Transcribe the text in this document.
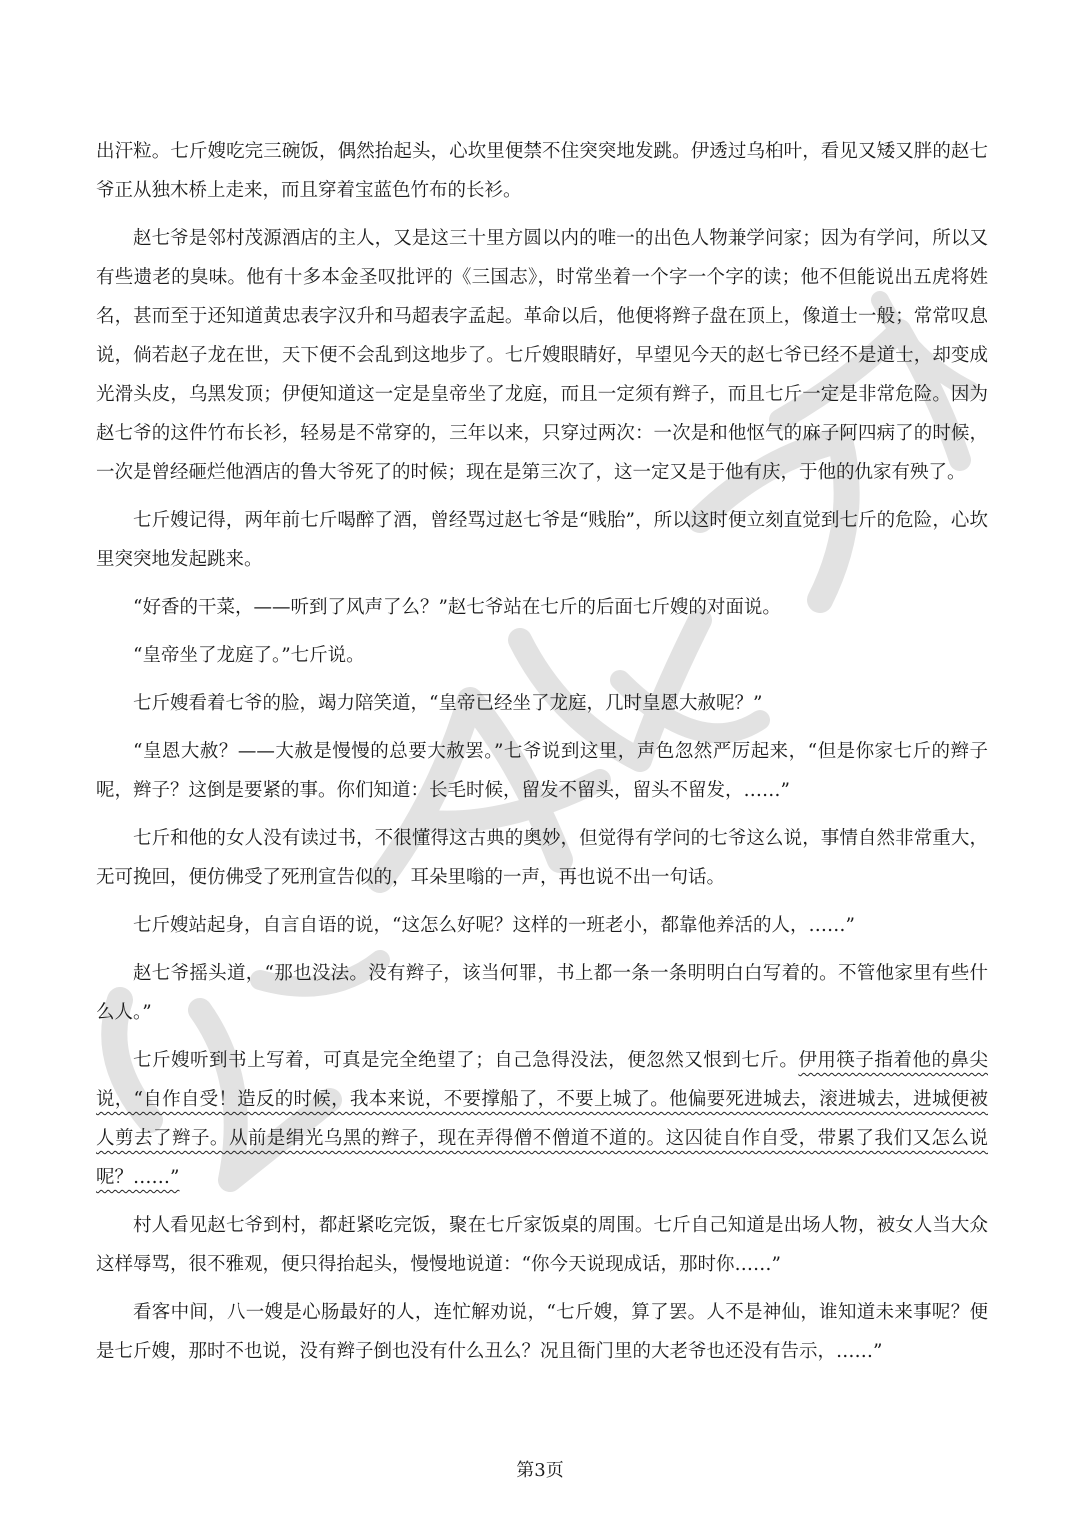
出汗粒。七斤嫂吃完三碗饭，偶然抬起头，心坎里便禁不住突突地发跳。伊透过乌桕叶，看见又矮又胖的赵七爷正从独木桥上走来，而且穿着宝蓝色竹布的长衫。

赵七爷是邻村茂源酒店的主人，又是这三十里方圆以内的唯一的出色人物兼学问家；因为有学问，所以又有些遗老的臭味。他有十多本金圣叹批评的《三国志》，时常坐着一个字一个字的读；他不但能说出五虎将姓名，甚而至于还知道黄忠表字汉升和马超表字孟起。革命以后，他便将辫子盘在顶上，像道士一般；常常叹息说，倘若赵子龙在世，天下便不会乱到这地步了。七斤嫂眼睛好，早望见今天的赵七爷已经不是道士，却变成光滑头皮，乌黑发顶；伊便知道这一定是皇帝坐了龙庭，而且一定须有辫子，而且七斤一定是非常危险。因为赵七爷的这件竹布长衫，轻易是不常穿的，三年以来，只穿过两次：一次是和他怄气的麻子阿四病了的时候，一次是曾经砸烂他酒店的鲁大爷死了的时候；现在是第三次了，这一定又是于他有庆，于他的仇家有殃了。

七斤嫂记得，两年前七斤喝醉了酒，曾经骂过赵七爷是“贱胎”，所以这时便立刻直觉到七斤的危险，心坎里突突地发起跳来。

“好香的干菜，——听到了风声了么？”赵七爷站在七斤的后面七斤嫂的对面说。

“皇帝坐了龙庭了。”七斤说。

七斤嫂看着七爷的脸，竭力陪笑道，“皇帝已经坐了龙庭，几时皇恩大赦呢？”

“皇恩大赦？——大赦是慢慢的总要大赦罢。”七爷说到这里，声色忽然严厉起来，“但是你家七斤的辫子呢，辫子？这倒是要紧的事。你们知道：长毛时候，留发不留头，留头不留发，……”

七斤和他的女人没有读过书，不很懂得这古典的奥妙，但觉得有学问的七爷这么说，事情自然非常重大，无可挽回，便仿佛受了死刑宣告似的，耳朵里嗡的一声，再也说不出一句话。

七斤嫂站起身，自言自语的说，“这怎么好呢？这样的一班老小，都靠他养活的人，……”

赵七爷摇头道，“那也没法。没有辫子，该当何罪，书上都一条一条明明白白写着的。不管他家里有些什么人。”

七斤嫂听到书上写着，可真是完全绝望了；自己急得没法，便忽然又恨到七斤。伊用筷子指着他的鼻尖说，“自作自受！造反的时候，我本来说，不要撑船了，不要上城了。他偏要死进城去，滚进城去，进城便被人剪去了辫子。从前是绢光乌黑的辫子，现在弄得僧不僧道不道的。这囚徒自作自受，带累了我们又怎么说呢？……”

村人看见赵七爷到村，都赶紧吃完饭，聚在七斤家饭桌的周围。七斤自己知道是出场人物，被女人当大众这样辱骂，很不雅观，便只得抬起头，慢慢地说道：“你今天说现成话，那时你……”

看客中间，八一嫂是心肠最好的人，连忙解劝说，“七斤嫂，算了罢。人不是神仙，谁知道未来事呢？便是七斤嫂，那时不也说，没有辫子倒也没有什么丑么？况且衙门里的大老爷也还没有告示，……”

第3页
